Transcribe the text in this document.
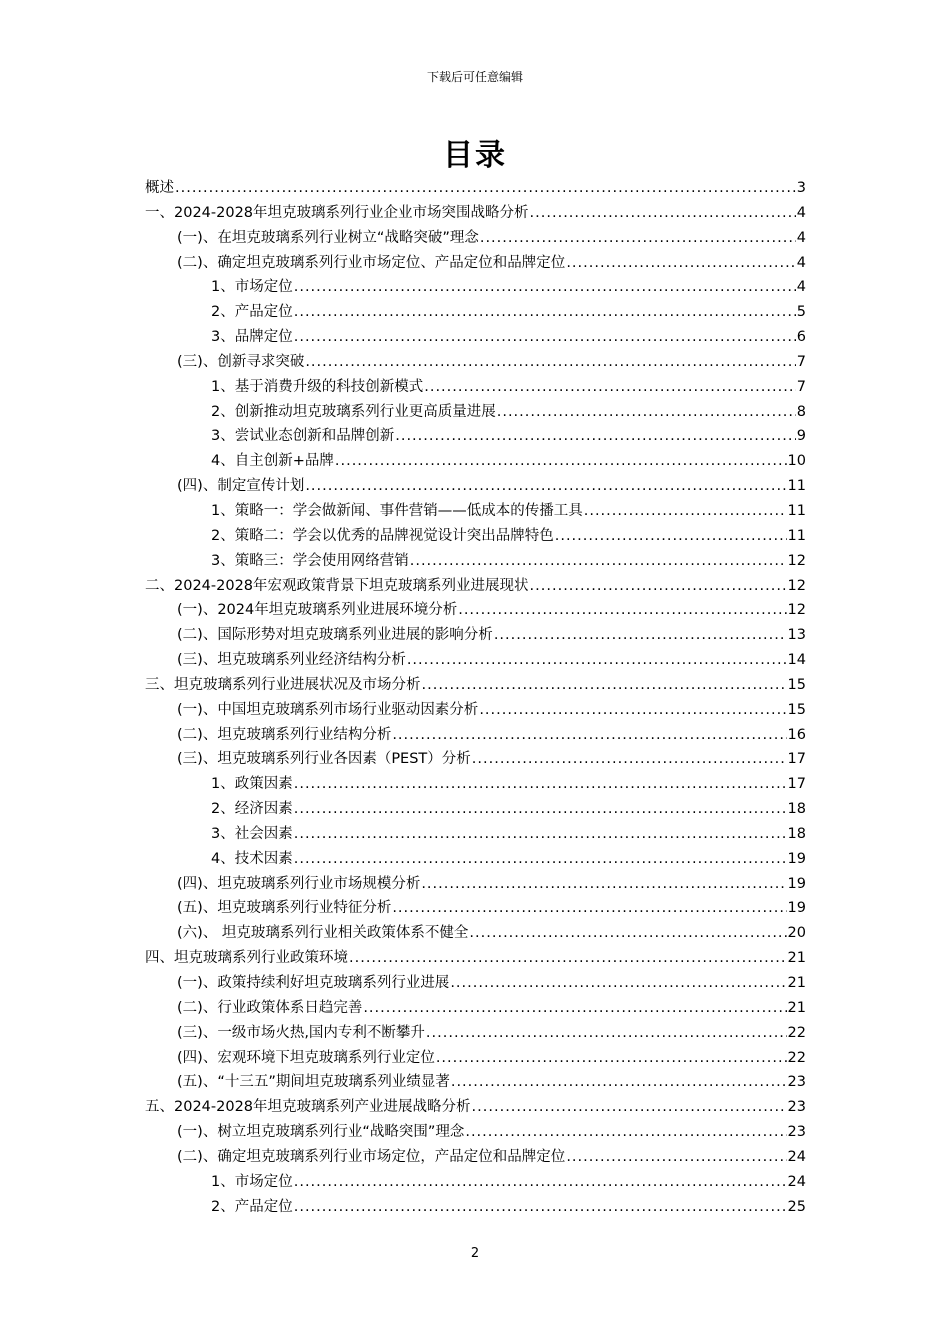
下载后可任意编辑
目录
概述 .....	3
一、2024-2028年坦克玻璃系列行业企业市场突围战略分析 .....	4
(一)、在坦克玻璃系列行业树立“战略突破”理念 .....	4
(二)、确定坦克玻璃系列行业市场定位、产品定位和品牌定位 .....	4
1、市场定位 .....	4
2、产品定位 .....	5
3、品牌定位 .....	6
(三)、创新寻求突破 .....	7
1、基于消费升级的科技创新模式 .....	7
2、创新推动坦克玻璃系列行业更高质量进展 .....	8
3、尝试业态创新和品牌创新 .....	9
4、自主创新+品牌 .....	10
(四)、制定宣传计划 .....	11
1、策略一：学会做新闻、事件营销——低成本的传播工具 .....	11
2、策略二：学会以优秀的品牌视觉设计突出品牌特色 .....	11
3、策略三：学会使用网络营销 .....	12
二、2024-2028年宏观政策背景下坦克玻璃系列业进展现状 .....	12
(一)、2024年坦克玻璃系列业进展环境分析 .....	12
(二)、国际形势对坦克玻璃系列业进展的影响分析 .....	13
(三)、坦克玻璃系列业经济结构分析 .....	14
三、坦克玻璃系列行业进展状况及市场分析 .....	15
(一)、中国坦克玻璃系列市场行业驱动因素分析 .....	15
(二)、坦克玻璃系列行业结构分析 .....	16
(三)、坦克玻璃系列行业各因素（PEST）分析 .....	17
1、政策因素 .....	17
2、经济因素 .....	18
3、社会因素 .....	18
4、技术因素 .....	19
(四)、坦克玻璃系列行业市场规模分析 .....	19
(五)、坦克玻璃系列行业特征分析 .....	19
(六)、 坦克玻璃系列行业相关政策体系不健全 .....	20
四、坦克玻璃系列行业政策环境 .....	21
(一)、政策持续利好坦克玻璃系列行业进展 .....	21
(二)、行业政策体系日趋完善 .....	21
(三)、一级市场火热,国内专利不断攀升 .....	22
(四)、宏观环境下坦克玻璃系列行业定位 .....	22
(五)、“十三五”期间坦克玻璃系列业绩显著 .....	23
五、2024-2028年坦克玻璃系列产业进展战略分析 .....	23
(一)、树立坦克玻璃系列行业“战略突围”理念 .....	23
(二)、确定坦克玻璃系列行业市场定位，产品定位和品牌定位 .....	24
1、市场定位 .....	24
2、产品定位 .....	25
2
